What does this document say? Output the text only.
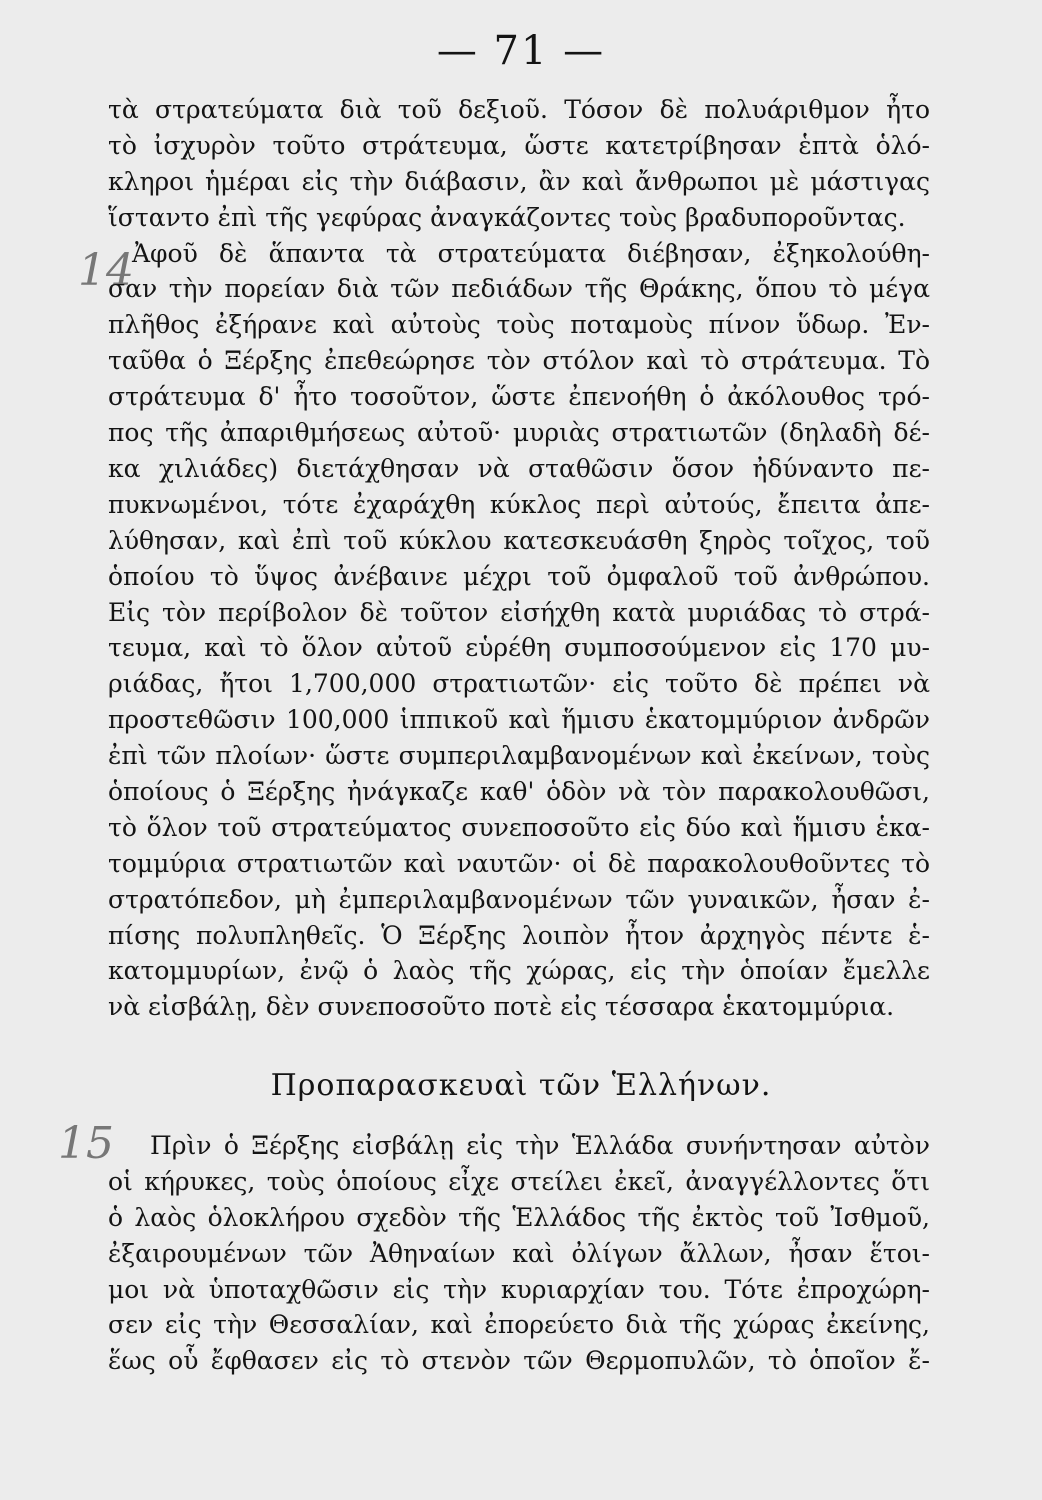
— 71 —
14
15
τὰ στρατεύματα διὰ τοῦ δεξιοῦ. Τόσον δὲ πολυάριθμον ἦτο
τὸ ἰσχυρὸν τοῦτο στράτευμα, ὥστε κατετρίβησαν ἑπτὰ ὁλό-
κληροι ἡμέραι εἰς τὴν διάβασιν, ἂν καὶ ἄνθρωποι μὲ μάστιγας
ἵσταντο ἐπὶ τῆς γεφύρας ἀναγκάζοντες τοὺς βραδυποροῦντας.
Ἀφοῦ δὲ ἅπαντα τὰ στρατεύματα διέβησαν, ἐξηκολούθη-
σαν τὴν πορείαν διὰ τῶν πεδιάδων τῆς Θράκης, ὅπου τὸ μέγα
πλῆθος ἐξήρανε καὶ αὐτοὺς τοὺς ποταμοὺς πίνον ὕδωρ. Ἐν-
ταῦθα ὁ Ξέρξης ἐπεθεώρησε τὸν στόλον καὶ τὸ στράτευμα. Τὸ
στράτευμα δ' ἦτο τοσοῦτον, ὥστε ἐπενοήθη ὁ ἀκόλουθος τρό-
πος τῆς ἀπαριθμήσεως αὐτοῦ· μυριὰς στρατιωτῶν (δηλαδὴ δέ-
κα χιλιάδες) διετάχθησαν νὰ σταθῶσιν ὅσον ἠδύναντο πε-
πυκνωμένοι, τότε ἐχαράχθη κύκλος περὶ αὐτούς, ἔπειτα ἀπε-
λύθησαν, καὶ ἐπὶ τοῦ κύκλου κατεσκευάσθη ξηρὸς τοῖχος, τοῦ
ὁποίου τὸ ὕψος ἀνέβαινε μέχρι τοῦ ὀμφαλοῦ τοῦ ἀνθρώπου.
Εἰς τὸν περίβολον δὲ τοῦτον εἰσήχθη κατὰ μυριάδας τὸ στρά-
τευμα, καὶ τὸ ὅλον αὐτοῦ εὑρέθη συμποσούμενον εἰς 170 μυ-
ριάδας, ἤτοι 1,700,000 στρατιωτῶν· εἰς τοῦτο δὲ πρέπει νὰ
προστεθῶσιν 100,000 ἱππικοῦ καὶ ἥμισυ ἑκατομμύριον ἀνδρῶν
ἐπὶ τῶν πλοίων· ὥστε συμπεριλαμβανομένων καὶ ἐκείνων, τοὺς
ὁποίους ὁ Ξέρξης ἠνάγκαζε καθ' ὁδὸν νὰ τὸν παρακολουθῶσι,
τὸ ὅλον τοῦ στρατεύματος συνεποσοῦτο εἰς δύο καὶ ἥμισυ ἑκα-
τομμύρια στρατιωτῶν καὶ ναυτῶν· οἱ δὲ παρακολουθοῦντες τὸ
στρατόπεδον, μὴ ἐμπεριλαμβανομένων τῶν γυναικῶν, ἦσαν ἐ-
πίσης πολυπληθεῖς. Ὁ Ξέρξης λοιπὸν ἦτον ἀρχηγὸς πέντε ἑ-
κατομμυρίων, ἐνῷ ὁ λαὸς τῆς χώρας, εἰς τὴν ὁποίαν ἔμελλε
νὰ εἰσβάλῃ, δὲν συνεποσοῦτο ποτὲ εἰς τέσσαρα ἑκατομμύρια.
Προπαρασκευαὶ τῶν Ἑλλήνων.
Πρὶν ὁ Ξέρξης εἰσβάλῃ εἰς τὴν Ἑλλάδα συνήντησαν αὐτὸν
οἱ κήρυκες, τοὺς ὁποίους εἶχε στείλει ἐκεῖ, ἀναγγέλλοντες ὅτι
ὁ λαὸς ὁλοκλήρου σχεδὸν τῆς Ἑλλάδος τῆς ἐκτὸς τοῦ Ἰσθμοῦ,
ἐξαιρουμένων τῶν Ἀθηναίων καὶ ὀλίγων ἄλλων, ἦσαν ἕτοι-
μοι νὰ ὑποταχθῶσιν εἰς τὴν κυριαρχίαν του. Τότε ἐπροχώρη-
σεν εἰς τὴν Θεσσαλίαν, καὶ ἐπορεύετο διὰ τῆς χώρας ἐκείνης,
ἕως οὗ ἔφθασεν εἰς τὸ στενὸν τῶν Θερμοπυλῶν, τὸ ὁποῖον ἔ-
